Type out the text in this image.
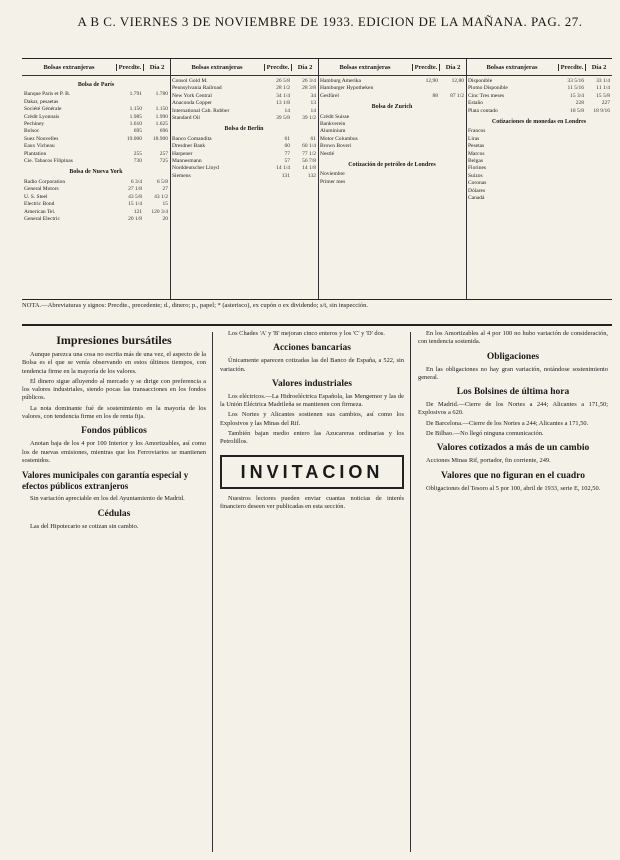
A B C. VIERNES 3 DE NOVIEMBRE DE 1933. EDICION DE LA MAÑANA. PAG. 27.
Bolsas extranjeras	Precdte.	Día 2
Bolsa de París
Banque Paris et P. B.	1.791	1.780
Dakar, pesaetas
Société Générale	1.150	1.150
Crédit Lyonnais	1.985	1.990
Pechiney	1.610	1.625
Bolsoc	695	696
Suez Nouvelles	19.000	18.900
Eaux Vicheau
Plantation	255	257
Cie. Tabacos Filipinas	730	725
Bolsa de Nueva York
Radio Corporation	6 3/4	6 5/8
General Motors	27 1/8	27
U. S. Steel	43 5/8	43 1/2
Electric Bond	15 1/4	15
American Tel.	121	120 3/4
General Electric	20 1/8	20
Bolsas extranjeras	Precdte.	Día 2
Consol Gold M.	26 5/8	26 3/4
Pennsylvania Railroad	28 1/2	28 3/8
New York Central	34 1/4	34
Anaconda Copper	13 1/8	13
International Cab. Rubber	14	14
Standard Oil	39 5/8	39 1/2
Bolsa de Berlín
Banco Comandita	61	61
Dresdner Bank	60	60 1/4
Harpener	77	77 1/2
Mannesmann	57	56 7/8
Norddeutscher Lloyd	14 1/4	14 1/8
Siemens	131	132
Bolsas extranjeras	Precdte.	Día 2
Hamburg Amerika	12,90	12,80
Hamburger Hypotheken
Gesfürel	88	87 1/2
Bolsa de Zurich
Crédit Suisse
Bankverein
Aluminium
Motor Columbus
Brown Boveri
Nestlé
Cotización de petróleo de Londres
Noviembre
Primer mes
Bolsas extranjeras	Precdte.	Día 2
Disponible	33 5/16	33 1/4
Plomo Disponible	11 5/16	11 1/4
Cinc Tres meses	15 3/4	15 5/8
Estaño	228	227
Plata contado	18 5/8	18 9/16
Cotizaciones de monedas en Londres
Francos
Liras
Pesetas
Marcos
Belgas
Florines
Suizos
Coronas
Dólares
Canadá
NOTA.—Abreviaturas y signos: Precdte., precedente; d., dinero; p., papel; * (asterisco), ex cupón o ex dividendo; s/t, sin inspección.
Impresiones bursátiles

Aunque parezca una cosa no escrita más de una vez, el aspecto de la Bolsa es el que se venía observando en estos últimos tiempos, con tendencia firme en la mayoría de los valores.

El dinero sigue afluyendo al mercado y se dirige con preferencia a los valores industriales, siendo pocas las transacciones en los fondos públicos.

La nota dominante fué de sostenimiento en la mayoría de los valores, con tendencia firme en los de renta fija.

Fondos públicos

Anotan baja de los 4 por 100 Interior y los Amortizables, así como los de nuevas emisiones, mientras que los Ferroviarios se mantienen sostenidos.

Valores municipales con garantía especial y efectos públicos extranjeros

Sin variación apreciable en los del Ayuntamiento de Madrid.

Cédulas

Las del Hipotecario se cotizan sin cambio.

Los Chades 'A' y 'B' mejoran cinco enteros y los 'C' y 'D' dos.

Acciones bancarias

Únicamente aparecen cotizadas las del Banco de España, a 522, sin variación.

Valores industriales

Los eléctricos.—La Hidroeléctrica Española, las Mengemor y las de la Unión Eléctrica Madrileña se mantienen con firmeza.

Los Nortes y Alicantes sostienen sus cambios, así como los Explosivos y las Minas del Rif.

También bajan medio entero las Azucareras ordinarias y los Petrolillos.

INVITACION

Nuestros lectores pueden enviar cuantas noticias de interés financiero deseen ver publicadas en esta sección.

En los Amortizables al 4 por 100 no hubo variación de consideración, con tendencia sostenida.

Obligaciones

En las obligaciones no hay gran variación, notándose sostenimiento general.

Los Bolsines de última hora

De Madrid.—Cierre de los Nortes a 244; Alicantes a 171,50; Explosivos a 620.

De Barcelona.—Cierre de los Nortes a 244; Alicantes a 171,50.

De Bilbao.—No llegó ninguna comunicación.

Valores cotizados a más de un cambio

Acciones Minas Rif, portador, fin corriente, 249.

Valores que no figuran en el cuadro

Obligaciones del Tesoro al 5 por 100, abril de 1933, serie E, 102,50.
